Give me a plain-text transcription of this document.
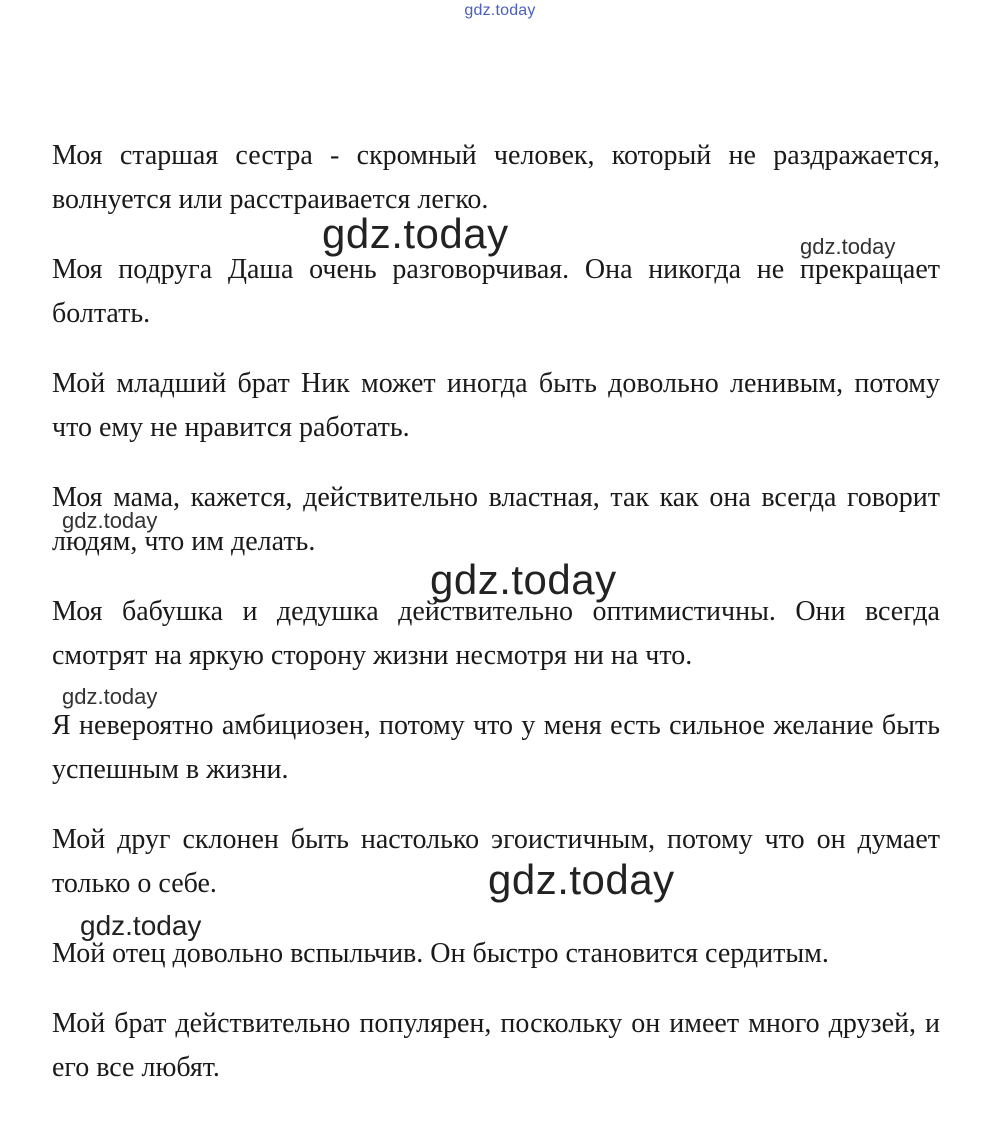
gdz.today

Моя старшая сестра - скромный человек, который не раздражается, волнуется или расстраивается легко.

Моя подруга Даша очень разговорчивая. Она никогда не прекращает болтать.

Мой младший брат Ник может иногда быть довольно ленивым, потому что ему не нравится работать.

Моя мама, кажется, действительно властная, так как она всегда говорит людям, что им делать.

Моя бабушка и дедушка действительно оптимистичны. Они всегда смотрят на яркую сторону жизни несмотря ни на что.

Я невероятно амбициозен, потому что у меня есть сильное желание быть успешным в жизни.

Мой друг склонен быть настолько эгоистичным, потому что он думает только о себе.

Мой отец довольно вспыльчив. Он быстро становится сердитым.

Мой брат действительно популярен, поскольку он имеет много друзей, и его все любят.

gdz.today	gdz.today
gdz.today
gdz.today
gdz.today
gdz.today
gdz.today
